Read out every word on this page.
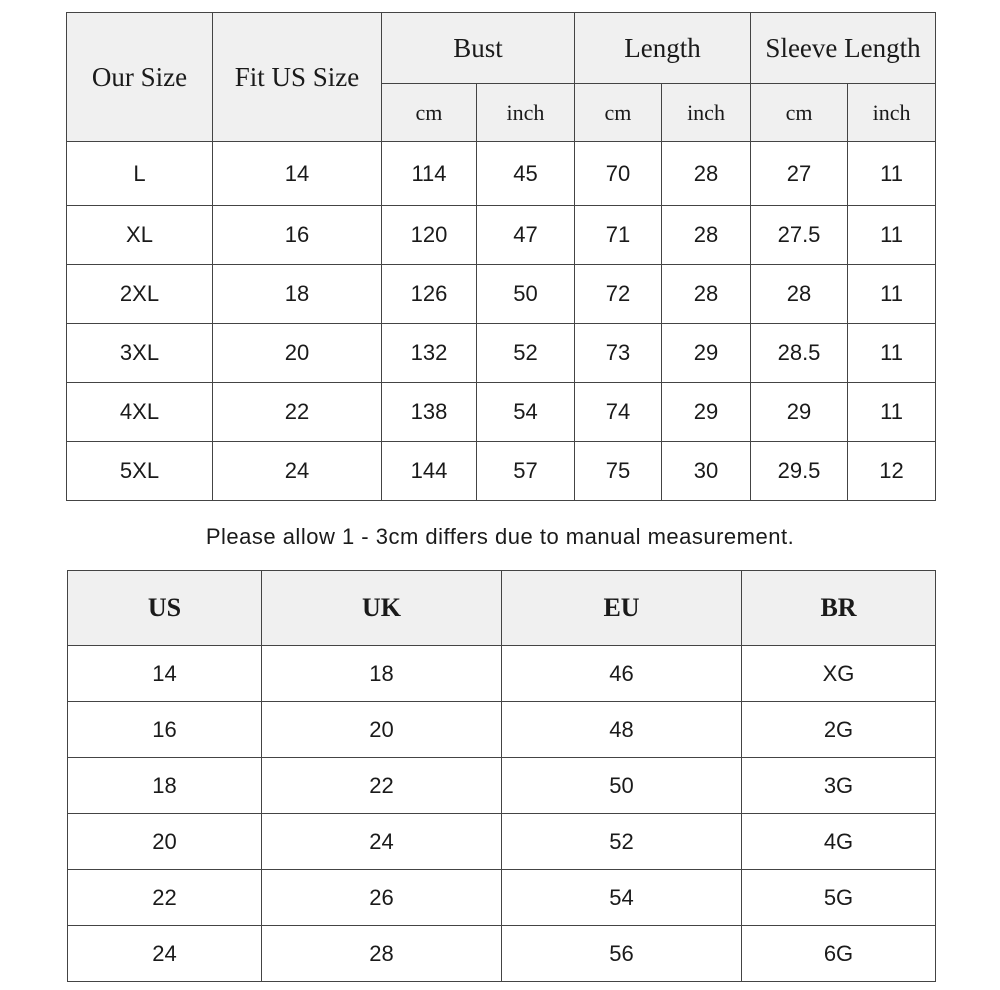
Our Size	Fit US Size	Bust		Length		Sleeve Length	
		cm	inch	cm	inch	cm	inch
L	14	114	45	70	28	27	11
XL	16	120	47	71	28	27.5	11
2XL	18	126	50	72	28	28	11
3XL	20	132	52	73	29	28.5	11
4XL	22	138	54	74	29	29	11
5XL	24	144	57	75	30	29.5	12
Please allow 1 - 3cm differs due to manual measurement.
US	UK	EU	BR
14	18	46	XG
16	20	48	2G
18	22	50	3G
20	24	52	4G
22	26	54	5G
24	28	56	6G
